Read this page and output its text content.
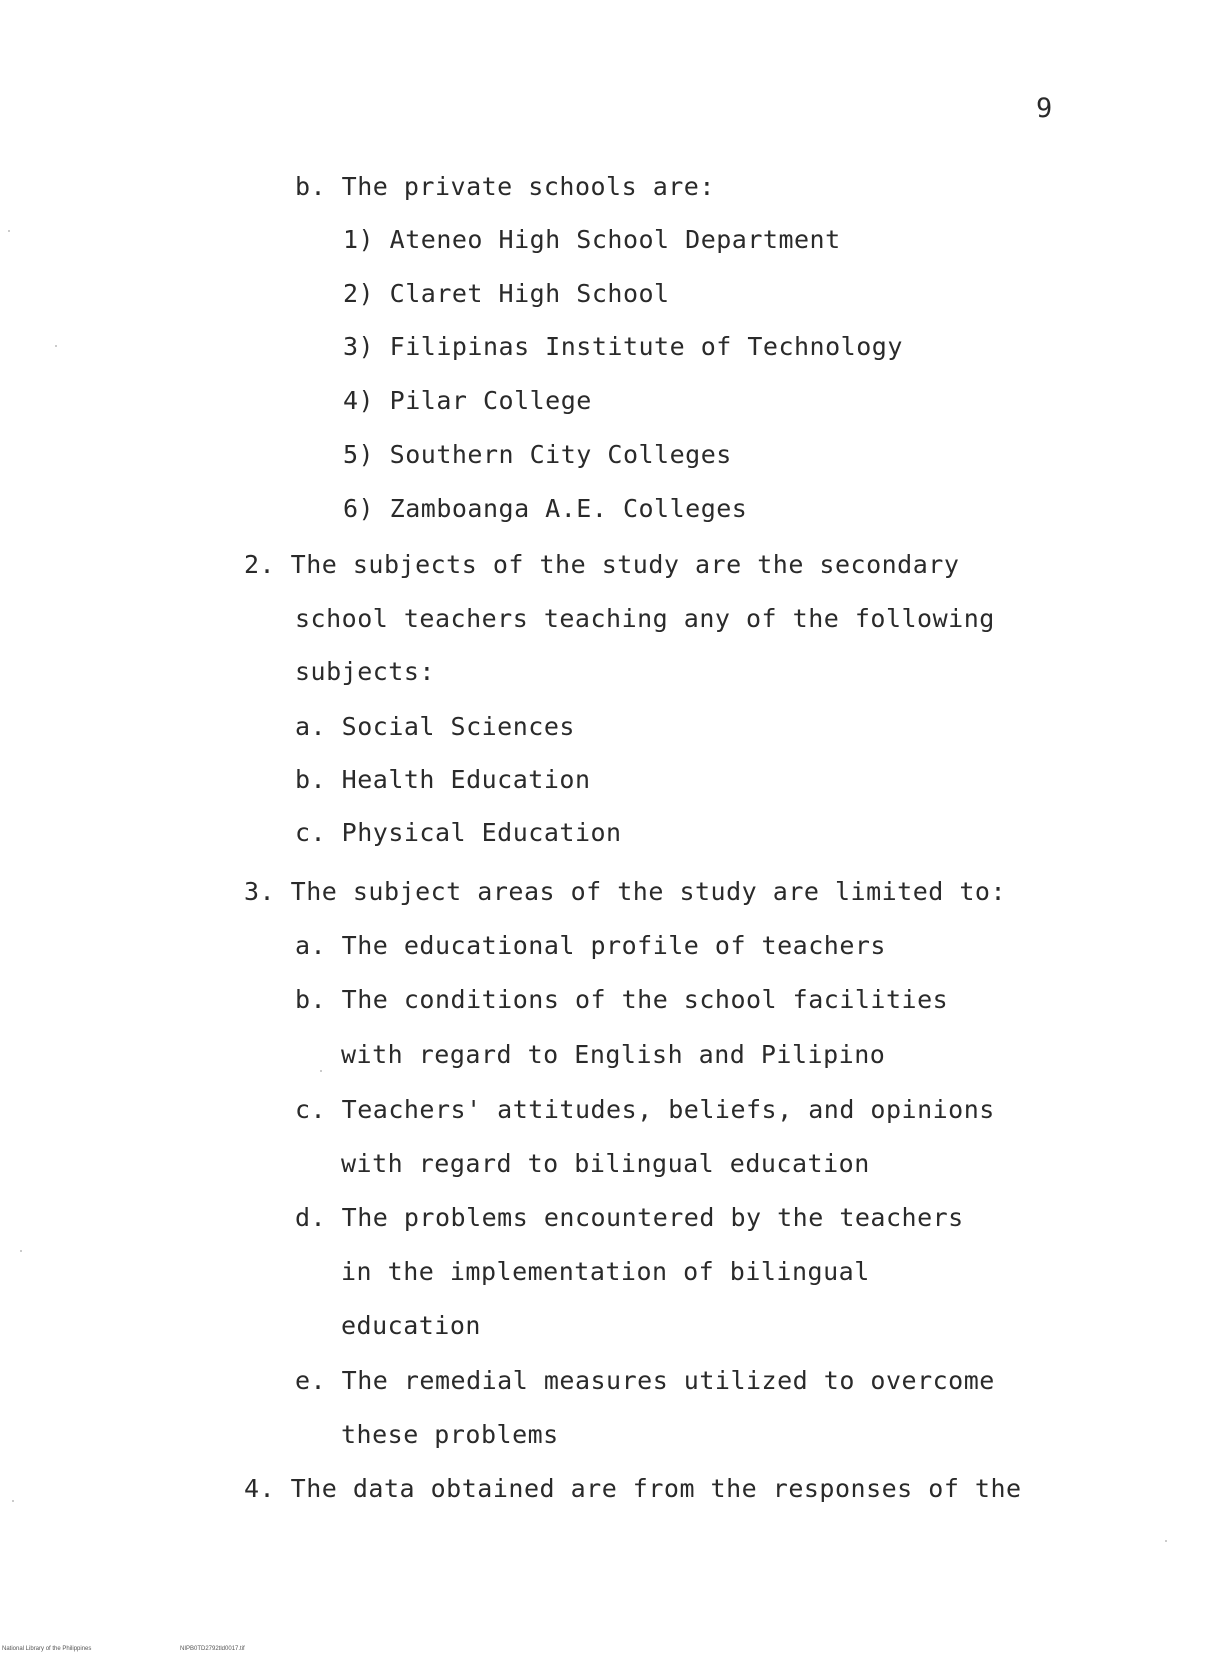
9
b. The private schools are:
1) Ateneo High School Department
2) Claret High School
3) Filipinas Institute of Technology
4) Pilar College
5) Southern City Colleges
6) Zamboanga A.E. Colleges
2. The subjects of the study are the secondary
school teachers teaching any of the following
subjects:
a. Social Sciences
b. Health Education
c. Physical Education
3. The subject areas of the study are limited to:
a. The educational profile of teachers
b. The conditions of the school facilities
with regard to English and Pilipino
c. Teachers' attitudes, beliefs, and opinions
with regard to bilingual education
d. The problems encountered by the teachers
in the implementation of bilingual
education
e. The remedial measures utilized to overcome
these problems
4. The data obtained are from the responses of the
National Library of the Philippines	NIPB0TD2792tld0017.tif
